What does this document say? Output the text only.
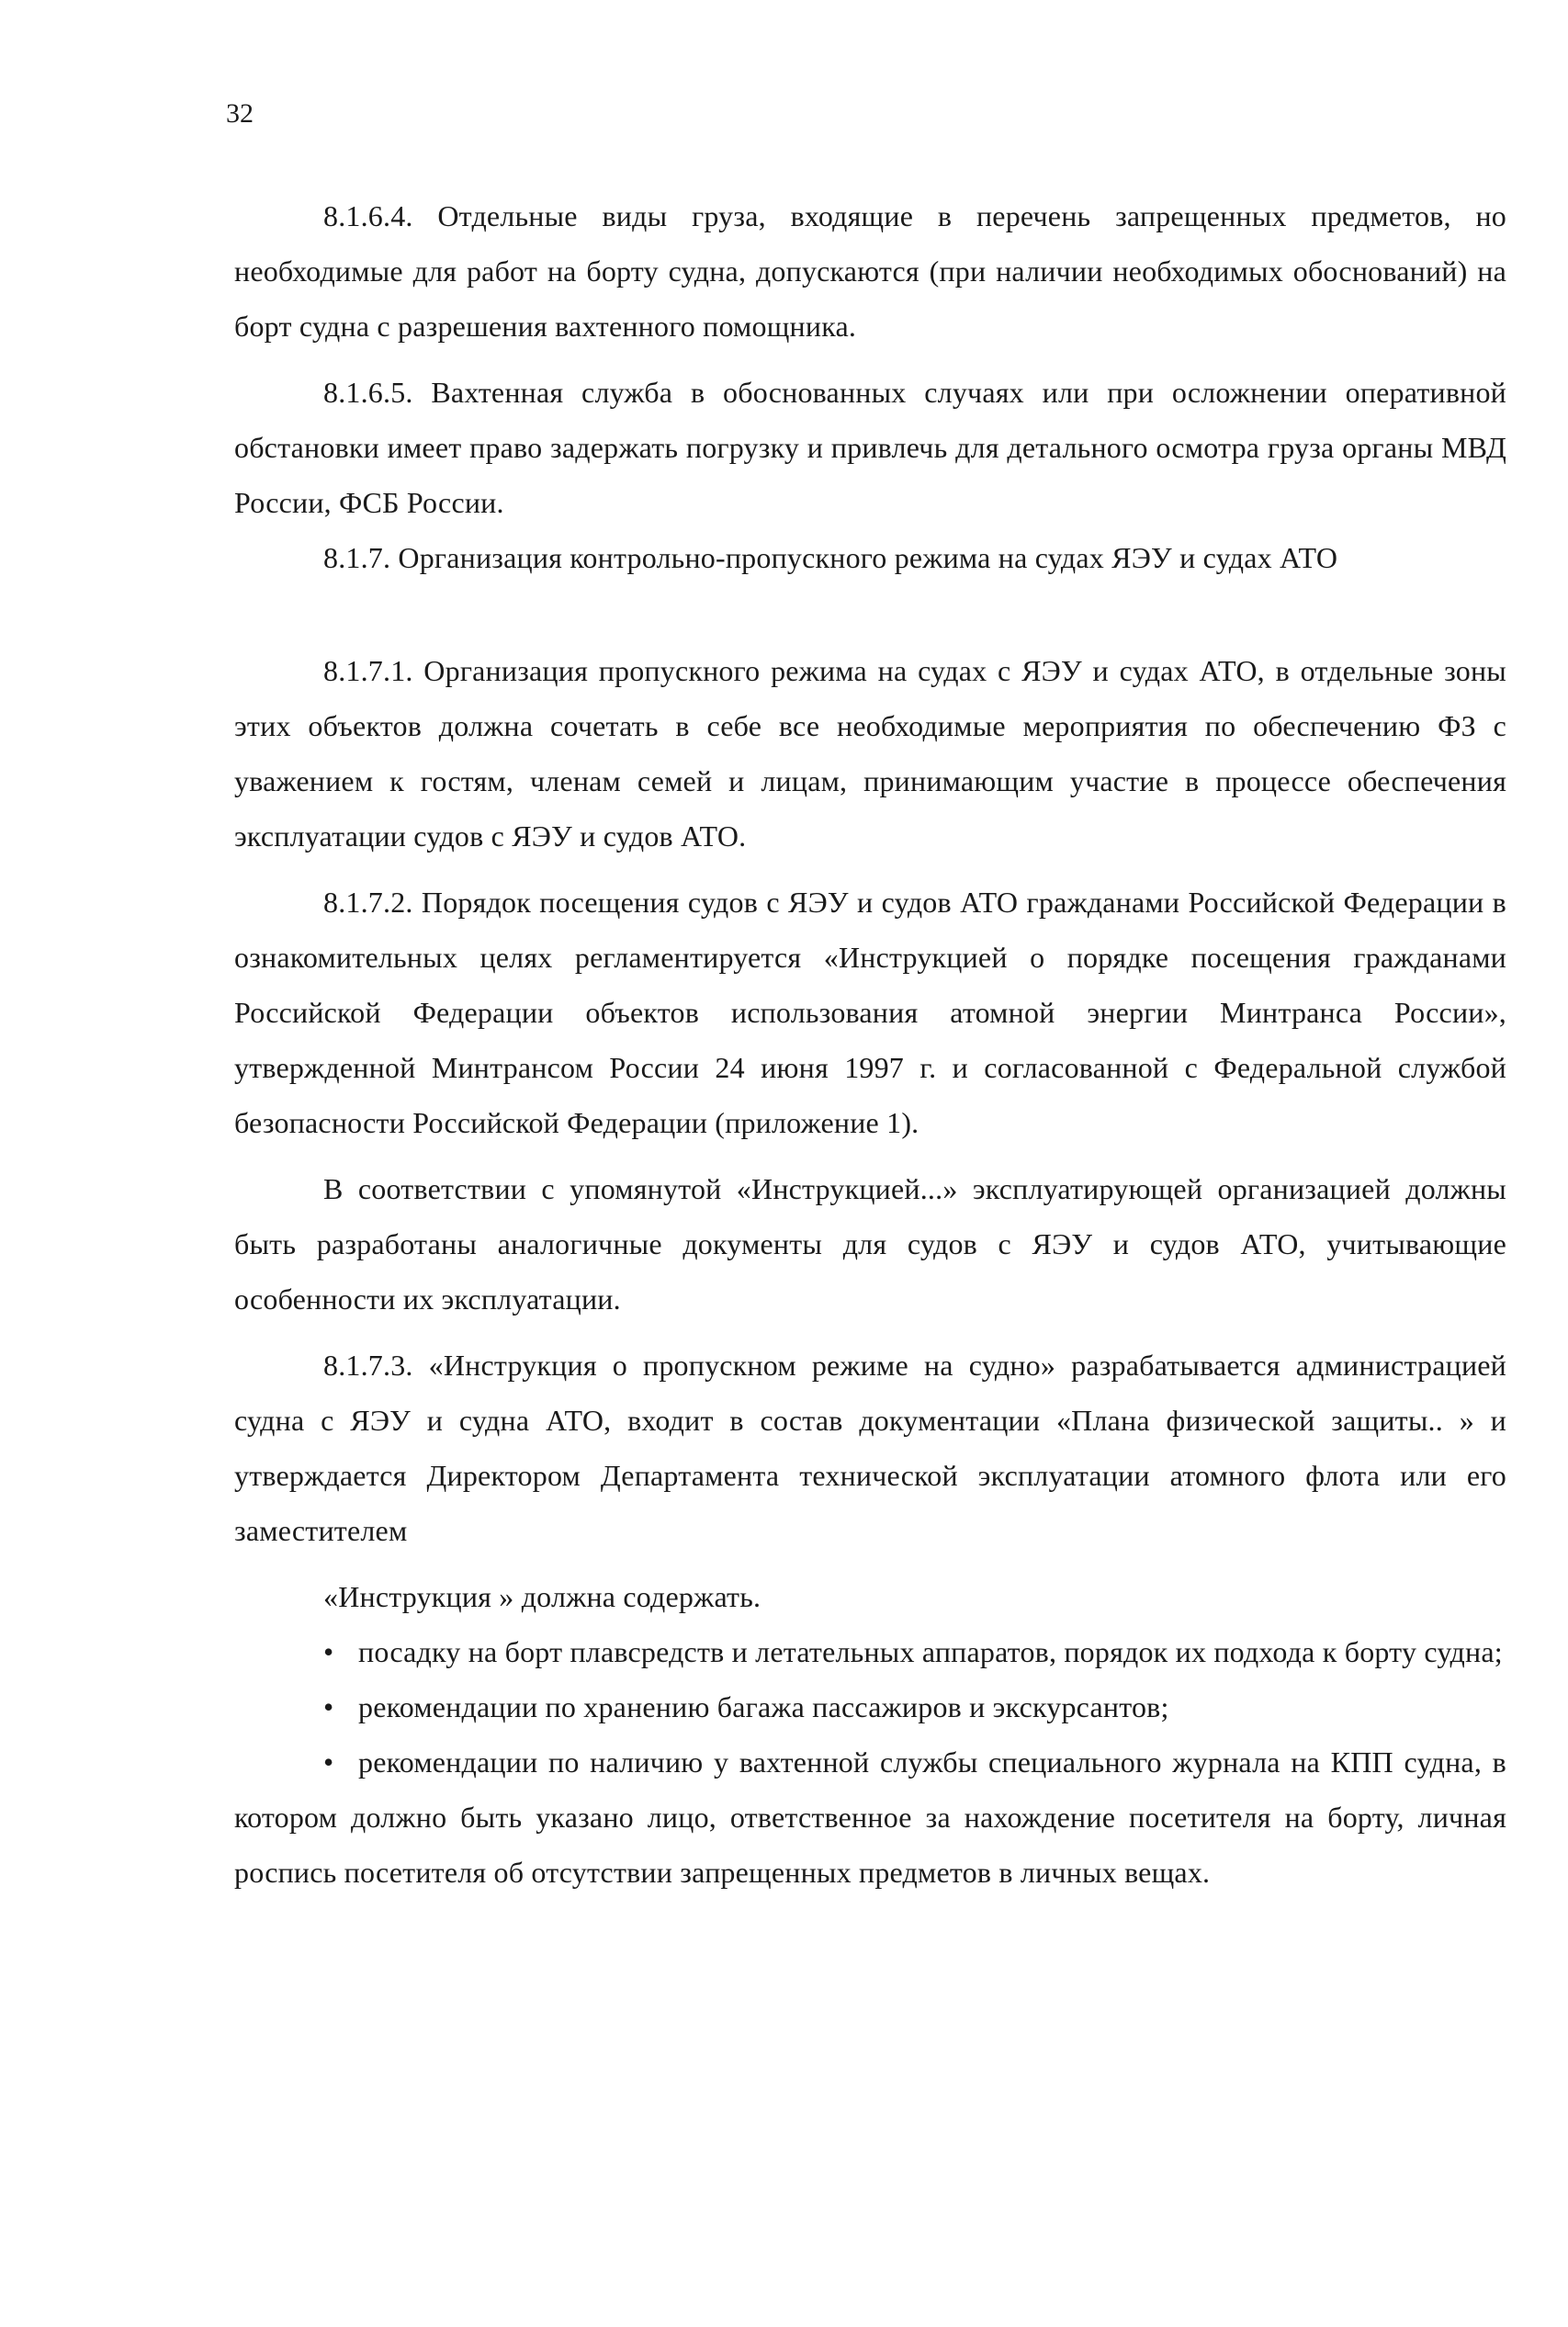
32

8.1.6.4. Отдельные виды груза, входящие в перечень запрещенных предметов, но необходимые для работ на борту судна, допускаются (при наличии необходимых обоснований) на борт судна с разрешения вахтенного помощника.

8.1.6.5. Вахтенная служба в обоснованных случаях или при осложнении оперативной обстановки имеет право задержать погрузку и привлечь для детального осмотра груза органы МВД России, ФСБ России.

8.1.7. Организация контрольно-пропускного режима на судах ЯЭУ и судах АТО

8.1.7.1. Организация пропускного режима на судах с ЯЭУ и судах АТО, в отдельные зоны этих объектов должна сочетать в себе все необходимые мероприятия по обеспечению ФЗ с уважением к гостям, членам семей и лицам, принимающим участие в процессе обеспечения эксплуатации судов с ЯЭУ и судов АТО.

8.1.7.2. Порядок посещения судов с ЯЭУ и судов АТО гражданами Российской Федерации в ознакомительных целях регламентируется «Инструкцией о порядке посещения гражданами Российской Федерации объектов использования атомной энергии Минтранса России», утвержденной Минтрансом России 24 июня 1997 г. и согласованной с Федеральной службой безопасности Российской Федерации (приложение 1).

В соответствии с упомянутой «Инструкцией...» эксплуатирующей организацией должны быть разработаны аналогичные документы для судов с ЯЭУ и судов АТО, учитывающие особенности их эксплуатации.

8.1.7.3. «Инструкция о пропускном режиме на судно» разрабатывается администрацией судна с ЯЭУ и судна АТО, входит в состав документации «Плана физической защиты.. » и утверждается Директором Департамента технической эксплуатации атомного флота или его заместителем

«Инструкция » должна содержать.

• посадку на борт плавсредств и летательных аппаратов, порядок их подхода к борту судна;

• рекомендации по хранению багажа пассажиров и экскурсантов;

• рекомендации по наличию у вахтенной службы специального журнала на КПП судна, в котором должно быть указано лицо, ответственное за нахождение посетителя на борту, личная роспись посетителя об отсутствии запрещенных предметов в личных вещах.
